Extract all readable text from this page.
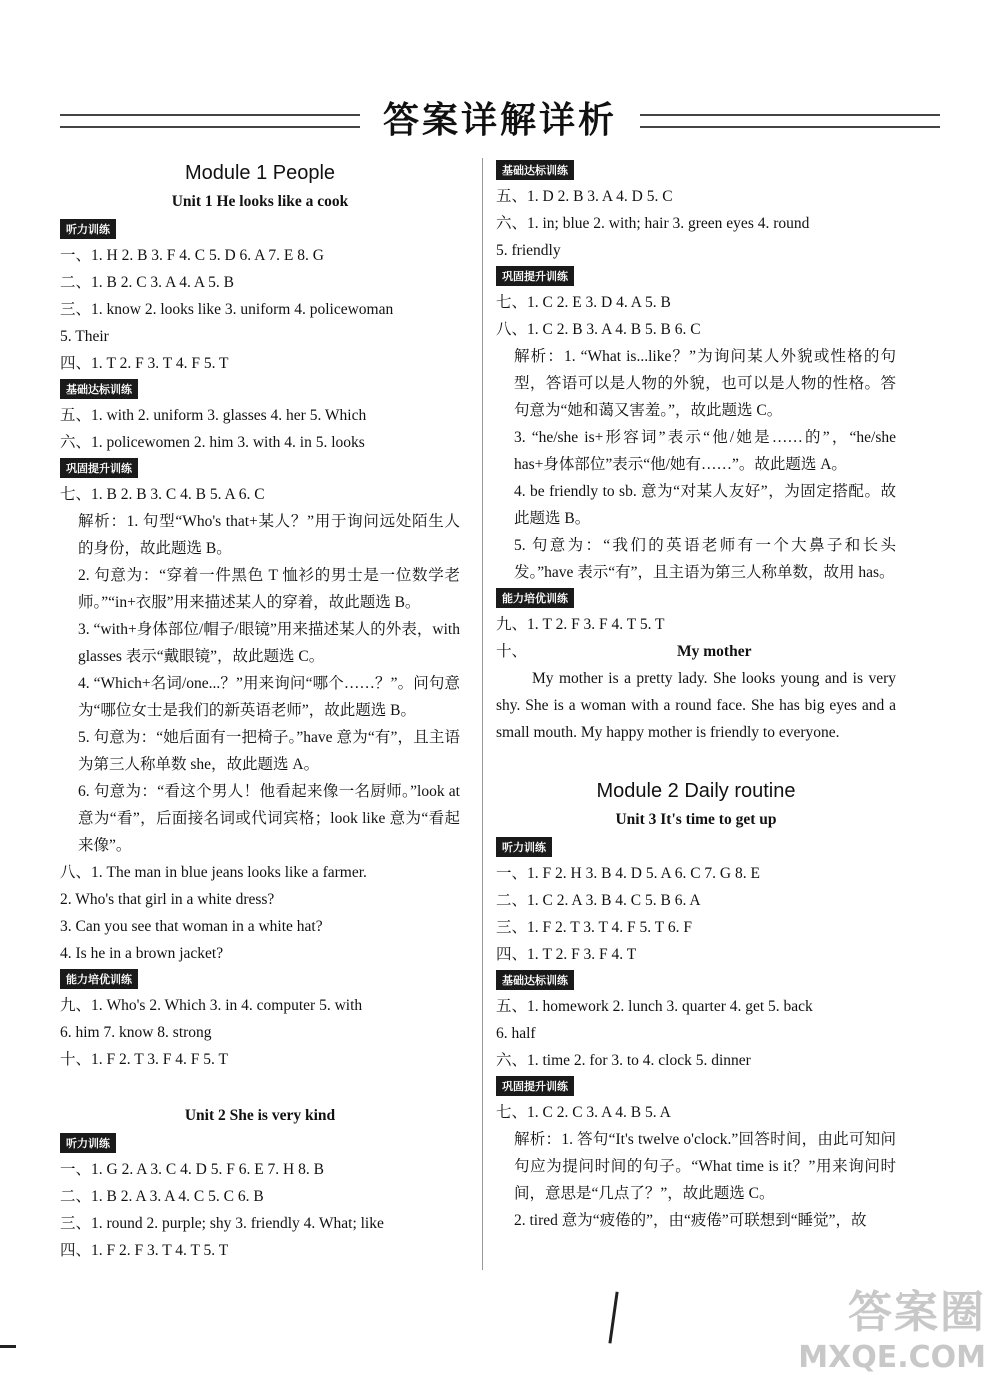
答案详解详析
Module 1 People
Unit 1 He looks like a cook
听力训练
一、1. H 2. B 3. F 4. C 5. D 6. A 7. E 8. G
二、1. B 2. C 3. A 4. A 5. B
三、1. know 2. looks like 3. uniform 4. policewoman
5. Their
四、1. T 2. F 3. T 4. F 5. T
基础达标训练
五、1. with 2. uniform 3. glasses 4. her 5. Which
六、1. policewomen 2. him 3. with 4. in 5. looks
巩固提升训练
七、1. B 2. B 3. C 4. B 5. A 6. C
解析：1. 句型“Who's that+某人？”用于询问远处陌生人的身份，故此题选 B。
2. 句意为：“穿着一件黑色 T 恤衫的男士是一位数学老师。”“in+衣服”用来描述某人的穿着，故此题选 B。
3. “with+身体部位/帽子/眼镜”用来描述某人的外表，with glasses 表示“戴眼镜”，故此题选 C。
4. “Which+名词/one...？”用来询问“哪个……？”。问句意为“哪位女士是我们的新英语老师”，故此题选 B。
5. 句意为：“她后面有一把椅子。”have 意为“有”，且主语为第三人称单数 she，故此题选 A。
6. 句意为：“看这个男人！他看起来像一名厨师。”look at 意为“看”，后面接名词或代词宾格；look like 意为“看起来像”。
八、1. The man in blue jeans looks like a farmer.
2. Who's that girl in a white dress?
3. Can you see that woman in a white hat?
4. Is he in a brown jacket?
能力培优训练
九、1. Who's 2. Which 3. in 4. computer 5. with
6. him 7. know 8. strong
十、1. F 2. T 3. F 4. F 5. T
Unit 2 She is very kind
听力训练
一、1. G 2. A 3. C 4. D 5. F 6. E 7. H 8. B
二、1. B 2. A 3. A 4. C 5. C 6. B
三、1. round 2. purple; shy 3. friendly 4. What; like
四、1. F 2. F 3. T 4. T 5. T
基础达标训练
五、1. D 2. B 3. A 4. D 5. C
六、1. in; blue 2. with; hair 3. green eyes 4. round
5. friendly
巩固提升训练
七、1. C 2. E 3. D 4. A 5. B
八、1. C 2. B 3. A 4. B 5. B 6. C
解析：1. “What is...like？”为询问某人外貌或性格的句型，答语可以是人物的外貌，也可以是人物的性格。答句意为“她和蔼又害羞。”，故此题选 C。
3. “he/she is+形容词”表示“他/她是……的”，“he/she has+身体部位”表示“他/她有……”。故此题选 A。
4. be friendly to sb. 意为“对某人友好”，为固定搭配。故此题选 B。
5. 句意为：“我们的英语老师有一个大鼻子和长头发。”have 表示“有”，且主语为第三人称单数，故用 has。
能力培优训练
九、1. T 2. F 3. F 4. T 5. T
十、	My mother
My mother is a pretty lady. She looks young and is very shy. She is a woman with a round face. She has big eyes and a small mouth. My happy mother is friendly to everyone.
Module 2 Daily routine
Unit 3 It's time to get up
听力训练
一、1. F 2. H 3. B 4. D 5. A 6. C 7. G 8. E
二、1. C 2. A 3. B 4. C 5. B 6. A
三、1. F 2. T 3. T 4. F 5. T 6. F
四、1. T 2. F 3. F 4. T
基础达标训练
五、1. homework 2. lunch 3. quarter 4. get 5. back
6. half
六、1. time 2. for 3. to 4. clock 5. dinner
巩固提升训练
七、1. C 2. C 3. A 4. B 5. A
解析：1. 答句“It's twelve o'clock.”回答时间，由此可知问句应为提问时间的句子。“What time is it？”用来询问时间，意思是“几点了？”，故此题选 C。
2. tired 意为“疲倦的”，由“疲倦”可联想到“睡觉”，故
答案圈
MXQE.COM
